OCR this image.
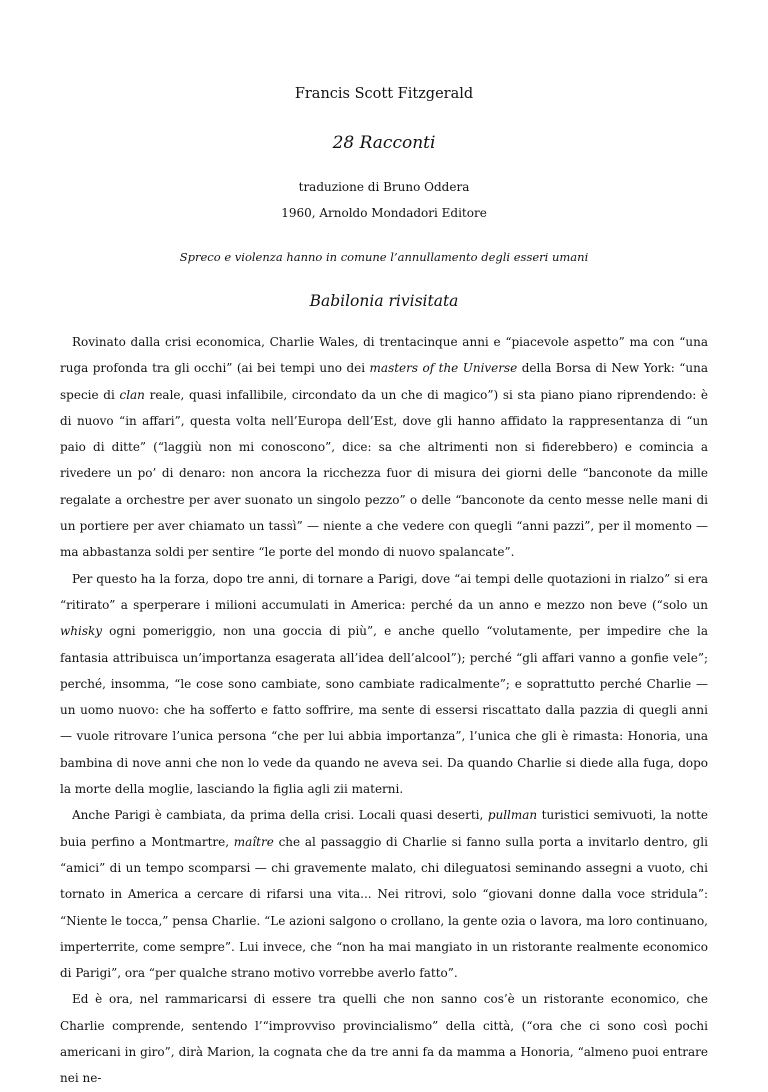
Francis Scott Fitzgerald
28 Racconti
traduzione di Bruno Oddera
1960, Arnoldo Mondadori Editore
Spreco e violenza hanno in comune l’annullamento degli esseri umani
Babilonia rivisitata

Rovinato dalla crisi economica, Charlie Wales, di trentacinque anni e “piacevole aspetto” ma con “una ruga profonda tra gli occhi” (ai bei tempi uno dei masters of the Universe della Borsa di New York: “una specie di clan reale, quasi infallibile, circondato da un che di magico”) si sta piano piano riprendendo: è di nuovo “in affari”, questa volta nell’Europa dell’Est, dove gli hanno affidato la rappresentanza di “un paio di ditte” (“laggiù non mi conoscono”, dice: sa che altrimenti non si fiderebbero) e comincia a rivedere un po’ di denaro: non ancora la ricchezza fuor di misura dei giorni delle “banconote da mille regalate a orchestre per aver suonato un singolo pezzo” o delle “banconote da cento messe nelle mani di un portiere per aver chiamato un tassì” — niente a che vedere con quegli “anni pazzi”, per il momento — ma abbastanza soldi per sentire “le porte del mondo di nuovo spalancate”.

Per questo ha la forza, dopo tre anni, di tornare a Parigi, dove “ai tempi delle quotazioni in rialzo” si era “ritirato” a sperperare i milioni accumulati in America: perché da un anno e mezzo non beve (“solo un whisky ogni pomeriggio, non una goccia di più”, e anche quello “volutamente, per impedire che la fantasia attribuisca un’importanza esagerata all’idea dell’alcool”); perché “gli affari vanno a gonfie vele”; perché, insomma, “le cose sono cambiate, sono cambiate radicalmente”; e soprattutto perché Charlie — un uomo nuovo: che ha sofferto e fatto soffrire, ma sente di essersi riscattato dalla pazzia di quegli anni — vuole ritrovare l’unica persona “che per lui abbia importanza”, l’unica che gli è rimasta: Honoria, una bambina di nove anni che non lo vede da quando ne aveva sei. Da quando Charlie si diede alla fuga, dopo la morte della moglie, lasciando la figlia agli zii materni.

Anche Parigi è cambiata, da prima della crisi. Locali quasi deserti, pullman turistici semivuoti, la notte buia perfino a Montmartre, maître che al passaggio di Charlie si fanno sulla porta a invitarlo dentro, gli “amici” di un tempo scomparsi — chi gravemente malato, chi dileguatosi seminando assegni a vuoto, chi tornato in America a cercare di rifarsi una vita... Nei ritrovi, solo “giovani donne dalla voce stridula”: “Niente le tocca,” pensa Charlie. “Le azioni salgono o crollano, la gente ozia o lavora, ma loro continuano, imperterrite, come sempre”. Lui invece, che “non ha mai mangiato in un ristorante realmente economico di Parigi”, ora “per qualche strano motivo vorrebbe averlo fatto”.

Ed è ora, nel rammaricarsi di essere tra quelli che non sanno cos’è un ristorante economico, che Charlie comprende, sentendo l’“improvviso provincialismo” della città, (“ora che ci sono così pochi americani in giro”, dirà Marion, la cognata che da tre anni fa da mamma a Honoria, “almeno puoi entrare nei ne-
